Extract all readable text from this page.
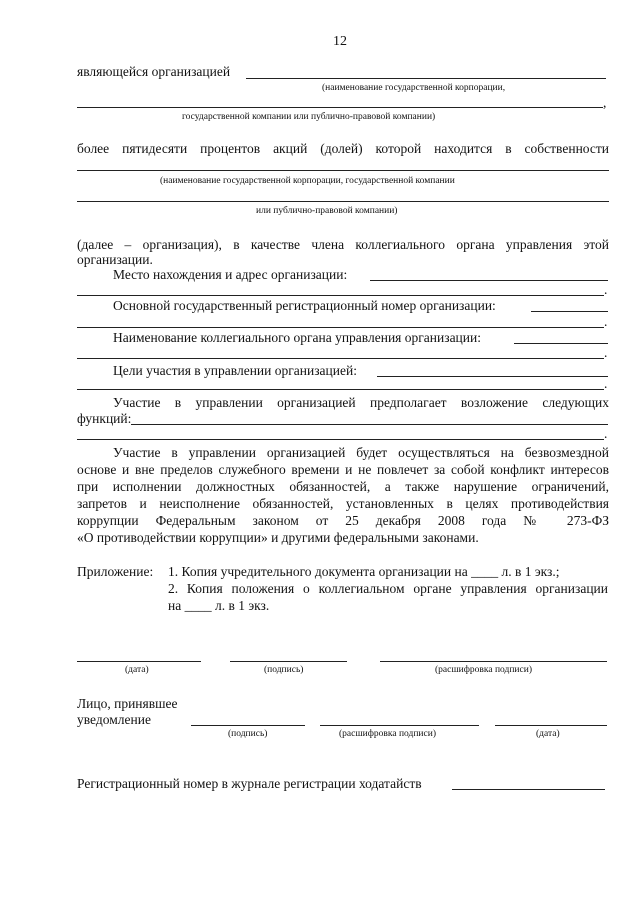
12
являющейся организацией
(наименование государственной корпорации,
,
государственной компании или публично-правовой компании)
более пятидесяти процентов акций (долей) которой находится в собственности
(наименование государственной корпорации, государственной компании
или публично-правовой компании)
(далее – организация), в качестве члена коллегиального органа управления этой
организации.
Место нахождения и адрес организации:
.
Основной государственный регистрационный номер организации:
.
Наименование коллегиального органа управления организации:
.
Цели участия в управлении организацией:
.
Участие в управлении организацией предполагает возложение следующих
функций:
.
Участие в управлении организацией будет осуществляться на безвозмездной
основе и вне пределов служебного времени и не повлечет за собой конфликт интересов
при исполнении должностных обязанностей, а также нарушение ограничений,
запретов и неисполнение обязанностей, установленных в целях противодействия
коррупции Федеральным законом от 25 декабря 2008 года № 273-ФЗ
«О противодействии коррупции» и другими федеральными законами.
Приложение: 1. Копия учредительного документа организации на ____ л. в 1 экз.;
2. Копия положения о коллегиальном органе управления организации
на ____ л. в 1 экз.
(дата)	(подпись)	(расшифровка подписи)
Лицо, принявшее
уведомление
(подпись)	(расшифровка подписи)	(дата)
Регистрационный номер в журнале регистрации ходатайств
